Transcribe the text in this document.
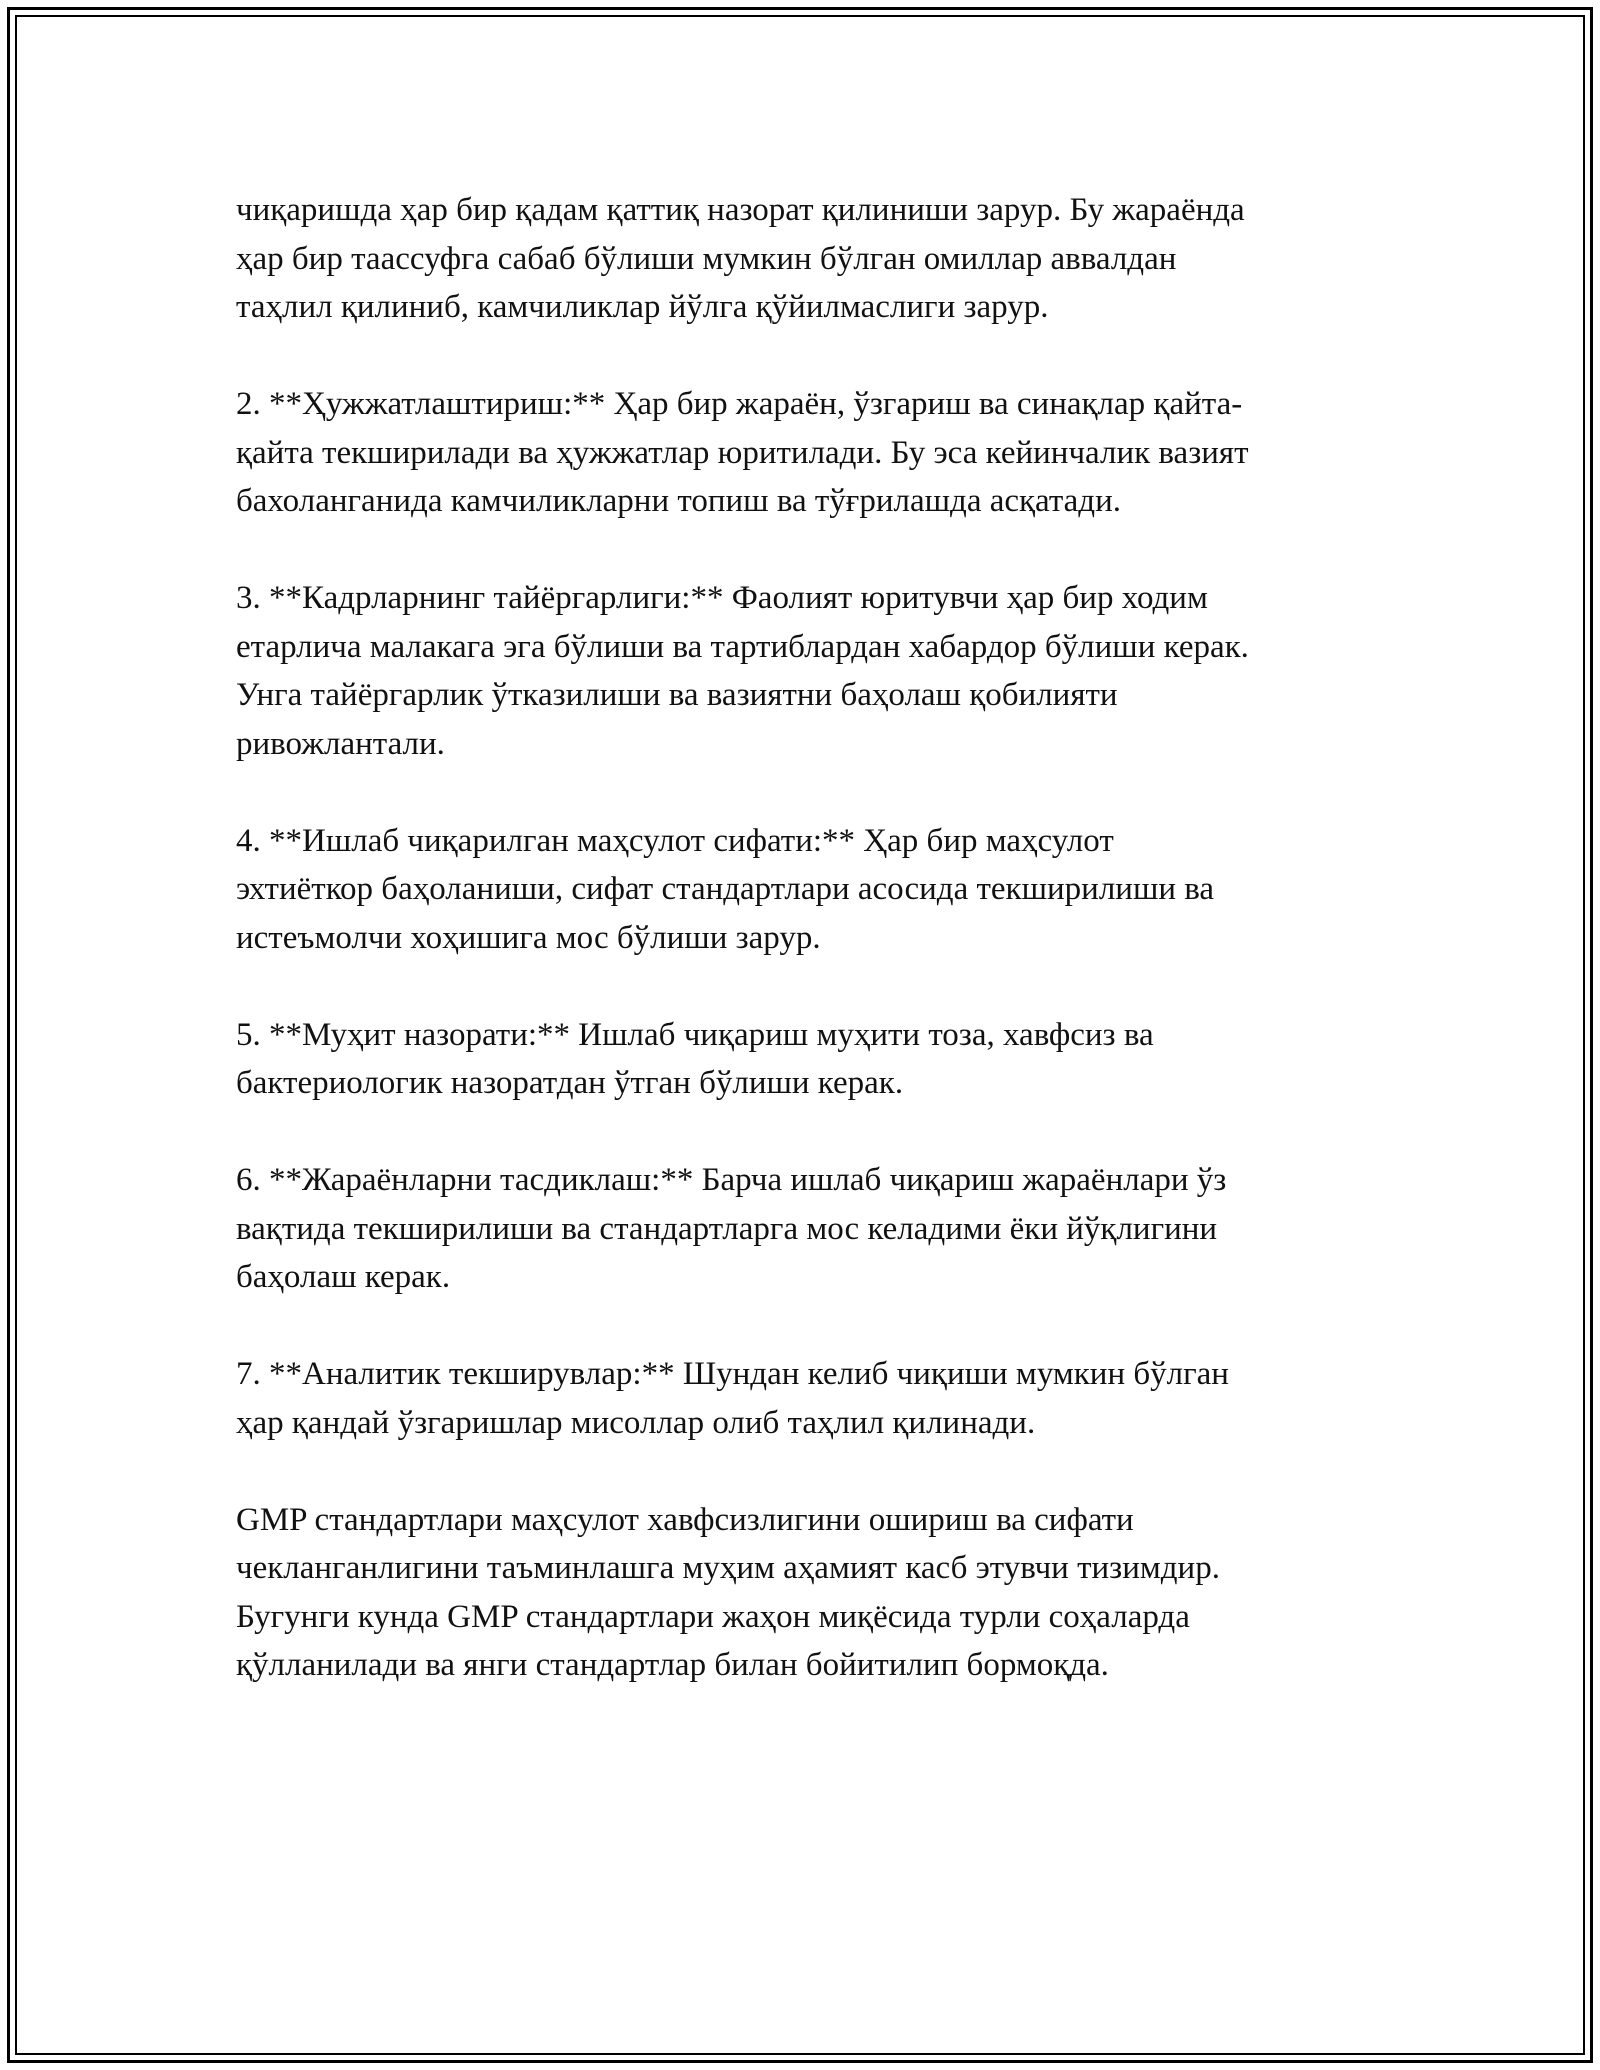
чиқаришда ҳар бир қадам қаттиқ назорат қилиниши зарур. Бу жараёнда
ҳар бир таассуфга сабаб бўлиши мумкин бўлган омиллар аввалдан
таҳлил қилиниб, камчиликлар йўлга қўйилмаслиги зарур.

2. **Ҳужжатлаштириш:** Ҳар бир жараён, ўзгариш ва синақлар қайта-
қайта текширилади ва ҳужжатлар юритилади. Бу эса кейинчалик вазият
бахоланганида камчиликларни топиш ва тўғрилашда асқатади.

3. **Кадрларнинг тайёргарлиги:** Фаолият юритувчи ҳар бир ходим
етарлича малакага эга бўлиши ва тартиблардан хабардор бўлиши керак.
Унга тайёргарлик ўтказилиши ва вазиятни баҳолаш қобилияти
ривожлантали.

4. **Ишлаб чиқарилган маҳсулот сифати:** Ҳар бир маҳсулот
эхтиёткор баҳоланиши, сифат стандартлари асосида текширилиши ва
истеъмолчи хоҳишига мос бўлиши зарур.

5. **Муҳит назорати:** Ишлаб чиқариш муҳити тоза, хавфсиз ва
бактериологик назоратдан ўтган бўлиши керак.

6. **Жараёнларни тасдиклаш:** Барча ишлаб чиқариш жараёнлари ўз
вақтида текширилиши ва стандартларга мос келадими ёки йўқлигини
баҳолаш керак.

7. **Аналитик текширувлар:** Шундан келиб чиқиши мумкин бўлган
ҳар қандай ўзгаришлар мисоллар олиб таҳлил қилинади.

GMP стандартлари маҳсулот хавфсизлигини ошириш ва сифати
чекланганлигини таъминлашга муҳим аҳамият касб этувчи тизимдир.
Бугунги кунда GMP стандартлари жаҳон миқёсида турли соҳаларда
қўлланилади ва янги стандартлар билан бойитилип бормоқда.
